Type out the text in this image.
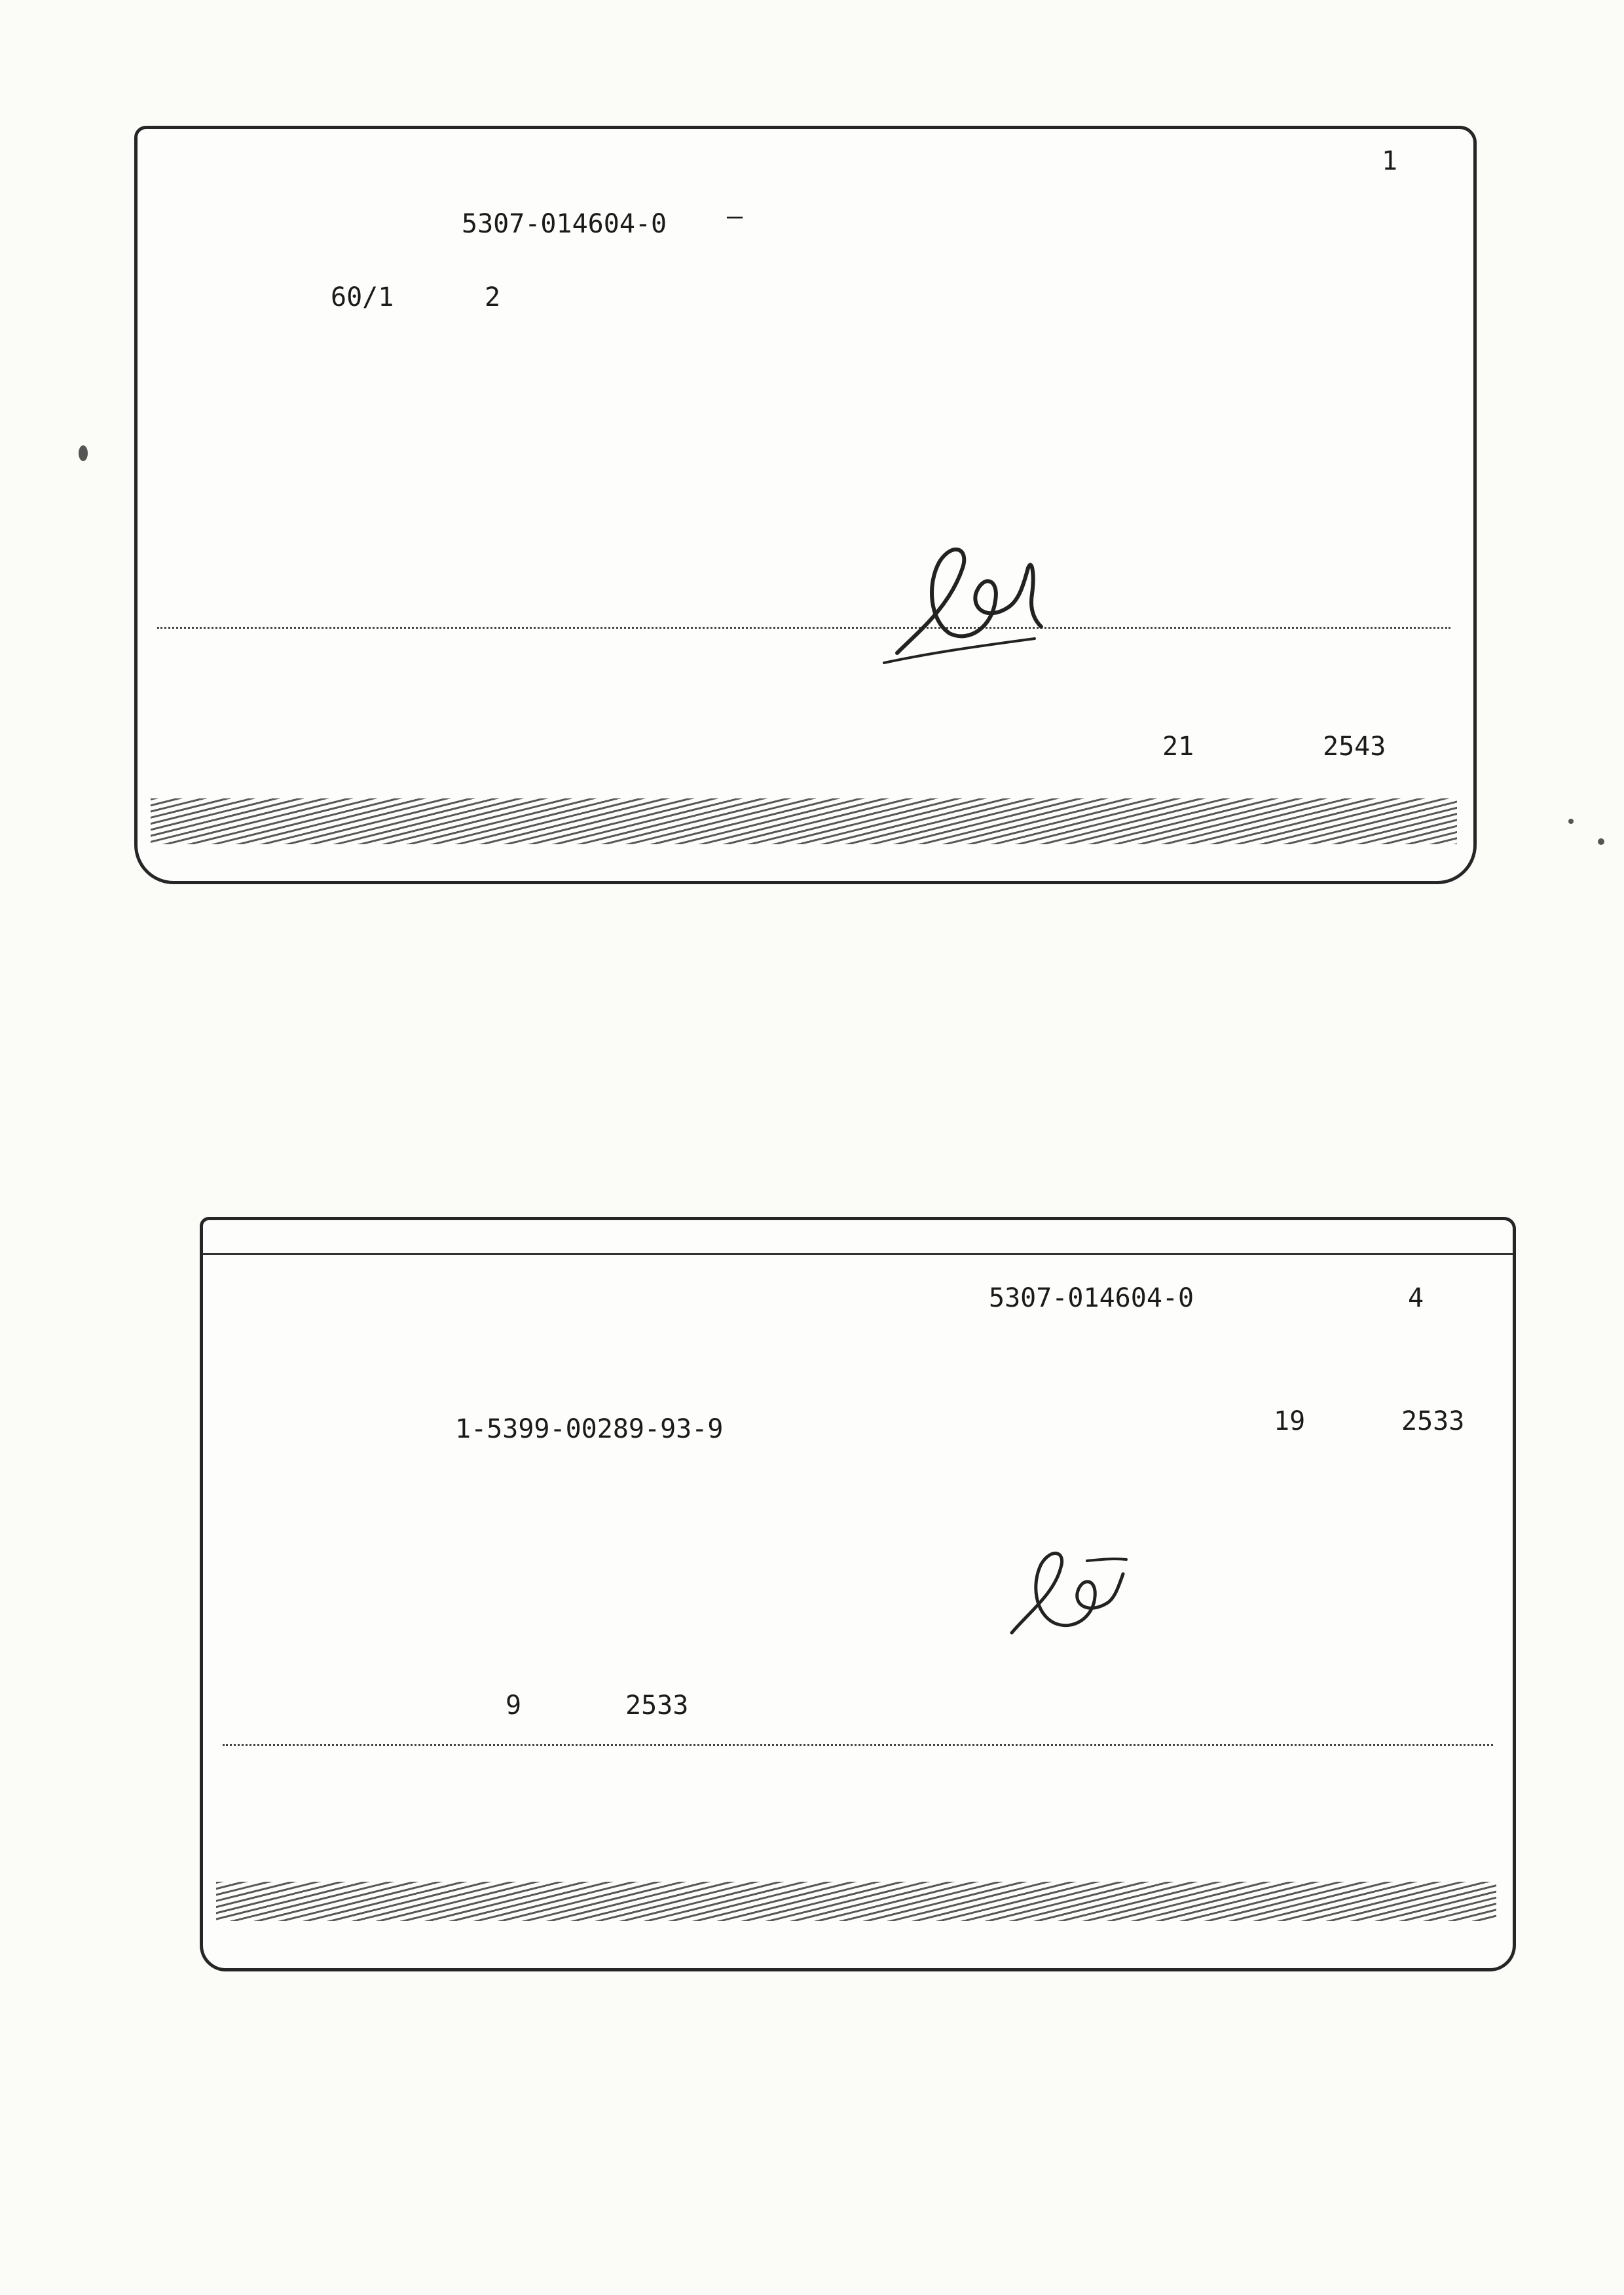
1
5307-014604-0 –
60/1	2
21	2543
5307-014604-0	4
1-5399-00289-93-9	19	2533
9	2533
